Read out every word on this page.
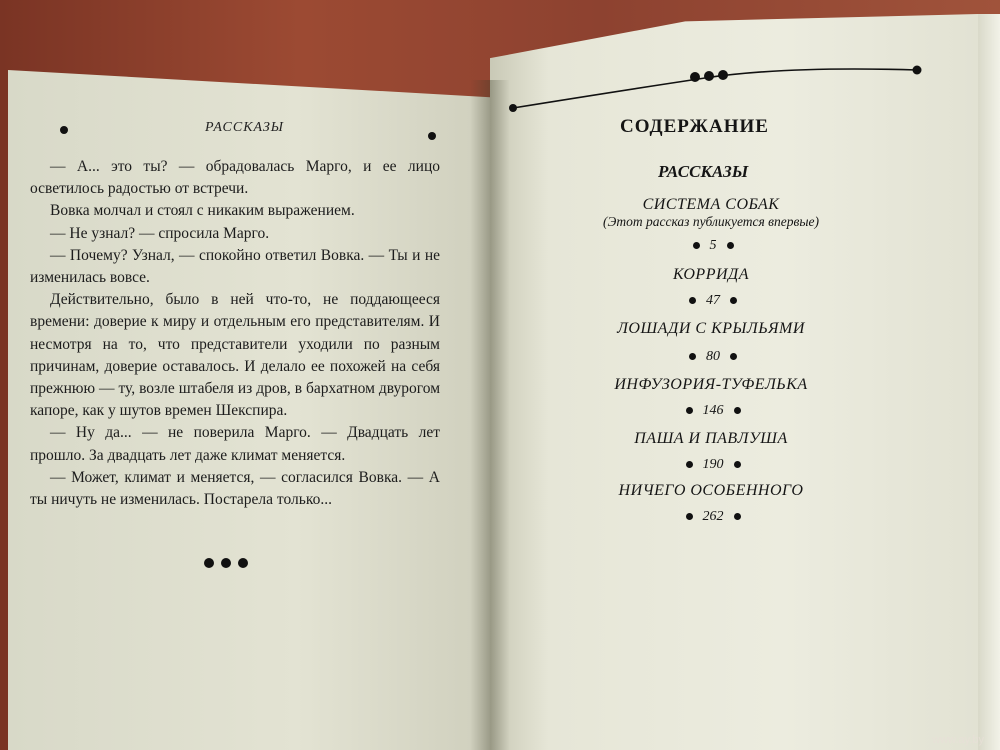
РАССКАЗЫ

— А... это ты? — обрадовалась Марго, и ее лицо осветилось радостью от встречи.

Вовка молчал и стоял с никаким выражением.

— Не узнал? — спросила Марго.

— Почему? Узнал, — спокойно ответил Вовка. — Ты и не изменилась вовсе.

Действительно, было в ней что-то, не поддающееся времени: доверие к миру и отдельным его представителям. И несмотря на то, что представители уходили по разным причинам, доверие оставалось. И делало ее похожей на себя прежнюю — ту, возле штабеля из дров, в бархатном двурогом капоре, как у шутов времен Шекспира.

— Ну да... — не поверила Марго. — Двадцать лет прошло. За двадцать лет даже климат меняется.

— Может, климат и меняется, — согласился Вовка. — А ты ничуть не изменилась. Постарела только...

СОДЕРЖАНИЕ
РАССКАЗЫ
СИСТЕМА СОБАК
(Этот рассказ публикуется впервые)
5
КОРРИДА
47
ЛОШАДИ С КРЫЛЬЯМИ
80
ИНФУЗОРИЯ-ТУФЕЛЬКА
146
ПАША И ПАВЛУША
190
НИЧЕГО ОСОБЕННОГО
262
www.ay.by
